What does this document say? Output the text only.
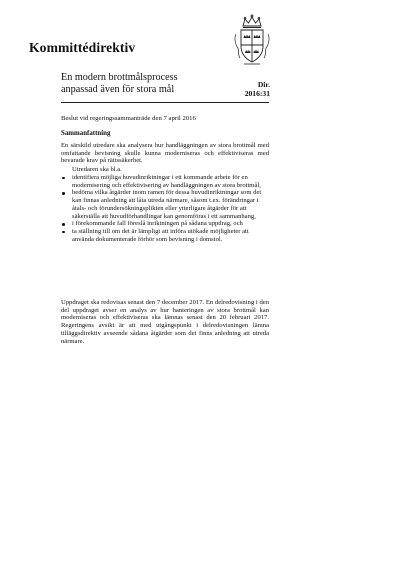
Kommittédirektiv
En modern brottmålsprocess
anpassad även för stora mål	Dir.
2016:31

Beslut vid regeringssammanträde den 7 april 2016

Sammanfattning

En särskild utredare ska analysera hur handläggningen av stora brottmål med omfattande bevisning skulle kunna moderniseras och effektiviseras med bevarade krav på rättssäkerhet.

Utredaren ska bl.a.

identifiera möjliga huvudinriktningar i ett kommande arbete för en modernisering och effektivisering av handläggningen av stora brottmål,
bedöma vilka åtgärder inom ramen för dessa huvudinriktningar som det kan finnas anledning att låta utreda närmare, såsom t.ex. förändringar i åtals- och förundersökningsplikten eller ytterligare åtgärder för att säkerställa att huvudförhandlingar kan genomföras i ett sammanhang,
i förekommande fall föreslå inriktningen på sådana uppdrag, och
ta ställning till om det är lämpligt att införa utökade möjligheter att använda dokumenterade förhör som bevisning i domstol.

Uppdraget ska redovisas senast den 7 december 2017. En delredovisning i den del uppdraget avser en analys av hur hanteringen av stora brottmål kan moderniseras och effektiviseras ska lämnas senast den 20 februari 2017. Regeringens avsikt är att med utgångspunkt i delredovisningen lämna tilläggsdirektiv avseende sådana åtgärder som det finns anledning att utreda närmare.
